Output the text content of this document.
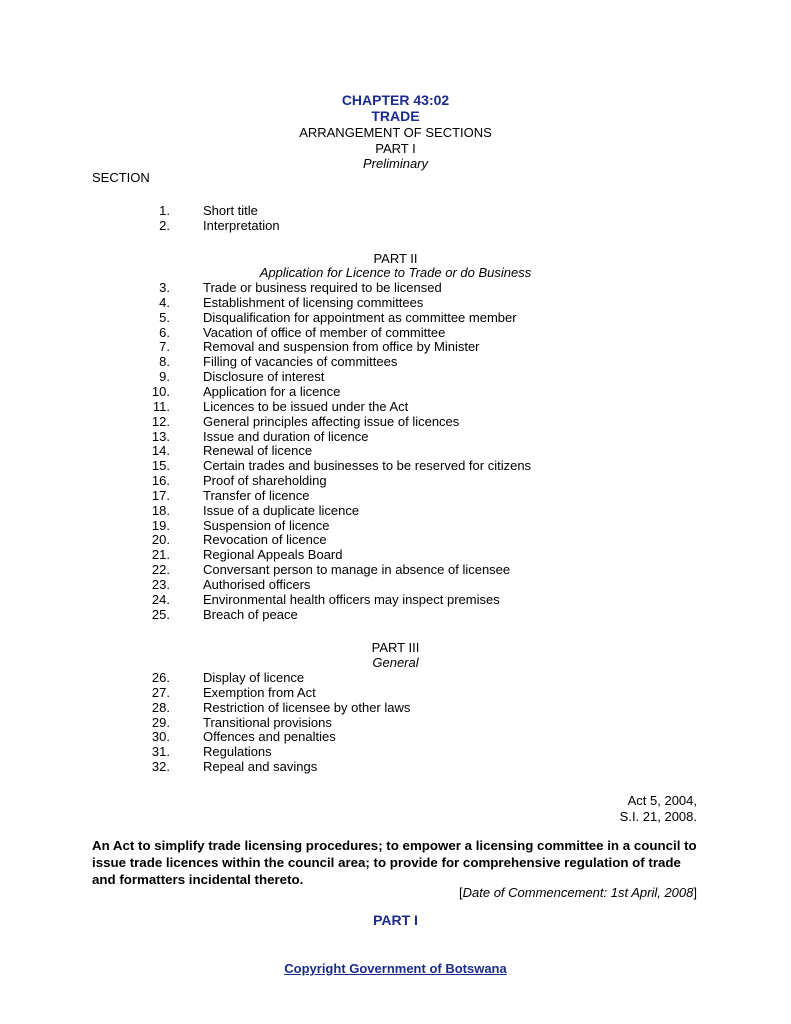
CHAPTER 43:02
TRADE
ARRANGEMENT OF SECTIONS
PART I
Preliminary
SECTION
1.	Short title
2.	Interpretation
PART II
Application for Licence to Trade or do Business
3.	Trade or business required to be licensed
4.	Establishment of licensing committees
5.	Disqualification for appointment as committee member
6.	Vacation of office of member of committee
7.	Removal and suspension from office by Minister
8.	Filling of vacancies of committees
9.	Disclosure of interest
10.	Application for a licence
11.	Licences to be issued under the Act
12.	General principles affecting issue of licences
13.	Issue and duration of licence
14.	Renewal of licence
15.	Certain trades and businesses to be reserved for citizens
16.	Proof of shareholding
17.	Transfer of licence
18.	Issue of a duplicate licence
19.	Suspension of licence
20.	Revocation of licence
21.	Regional Appeals Board
22.	Conversant person to manage in absence of licensee
23.	Authorised officers
24.	Environmental health officers may inspect premises
25.	Breach of peace
PART III
General
26.	Display of licence
27.	Exemption from Act
28.	Restriction of licensee by other laws
29.	Transitional provisions
30.	Offences and penalties
31.	Regulations
32.	Repeal and savings
Act 5, 2004,
S.I. 21, 2008.
An Act to simplify trade licensing procedures; to empower a licensing committee in a council to issue trade licences within the council area; to provide for comprehensive regulation of trade and formatters incidental thereto.
[Date of Commencement: 1st April, 2008]
PART I
Copyright Government of Botswana
